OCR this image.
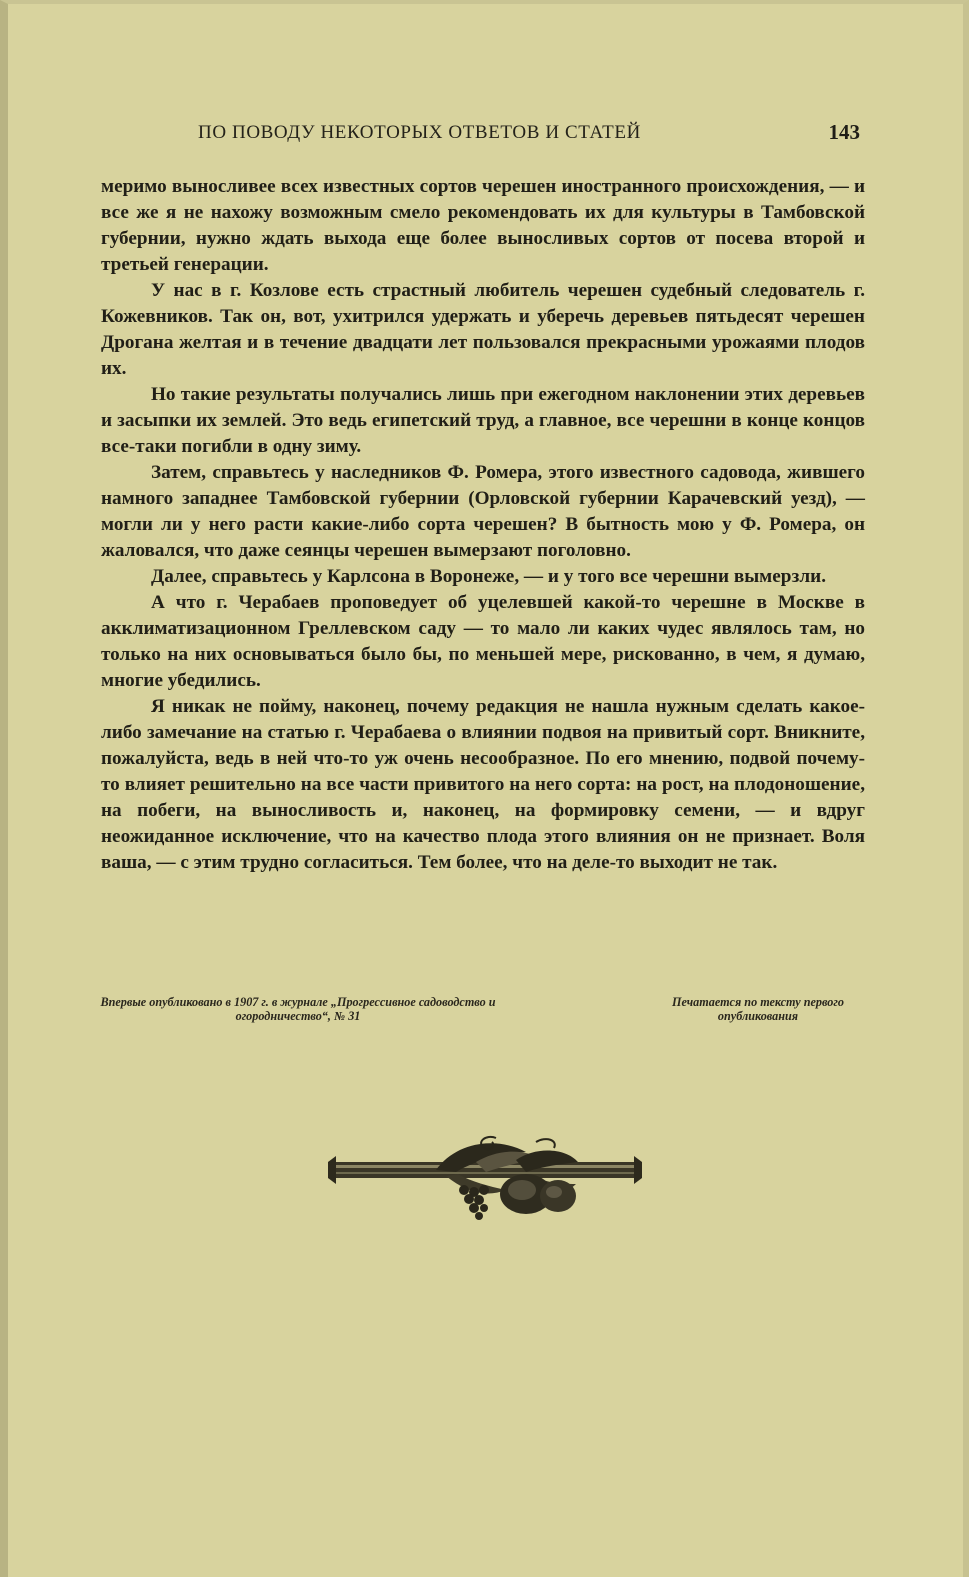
ПО ПОВОДУ НЕКОТОРЫХ ОТВЕТОВ И СТАТЕЙ	143

меримо выносливее всех известных сортов черешен иностранного происхождения, — и все же я не нахожу возможным смело рекомендовать их для культуры в Тамбовской губернии, нужно ждать выхода еще более выносливых сортов от посева второй и третьей генерации.

У нас в г. Козлове есть страстный любитель черешен судебный следователь г. Кожевников. Так он, вот, ухитрился удержать и уберечь деревьев пятьдесят черешен Дрогана желтая и в течение двадцати лет пользовался прекрасными урожаями плодов их.

Но такие результаты получались лишь при ежегодном наклонении этих деревьев и засыпки их землей. Это ведь египетский труд, а главное, все черешни в конце концов все-таки погибли в одну зиму.

Затем, справьтесь у наследников Ф. Ромера, этого известного садовода, жившего намного западнее Тамбовской губернии (Орловской губернии Карачевский уезд), — могли ли у него расти какие-либо сорта черешен? В бытность мою у Ф. Ромера, он жаловался, что даже сеянцы черешен вымерзают поголовно.

Далее, справьтесь у Карлсона в Воронеже, — и у того все черешни вымерзли.

А что г. Черабаев проповедует об уцелевшей какой-то черешне в Москве в акклиматизационном Греллевском саду — то мало ли каких чудес являлось там, но только на них основываться было бы, по меньшей мере, рискованно, в чем, я думаю, многие убедились.

Я никак не пойму, наконец, почему редакция не нашла нужным сделать какое-либо замечание на статью г. Черабаева о влиянии подвоя на привитый сорт. Вникните, пожалуйста, ведь в ней что-то уж очень несообразное. По его мнению, подвой почему-то влияет решительно на все части привитого на него сорта: на рост, на плодоношение, на побеги, на выносливость и, наконец, на формировку семени, — и вдруг неожиданное исключение, что на качество плода этого влияния он не признает. Воля ваша, — с этим трудно согласиться. Тем более, что на деле-то выходит не так.

Впервые опубликовано в 1907 г. в журнале „Прогрессивное садоводство и огородничество“, № 31
Печатается по тексту первого опубликования
